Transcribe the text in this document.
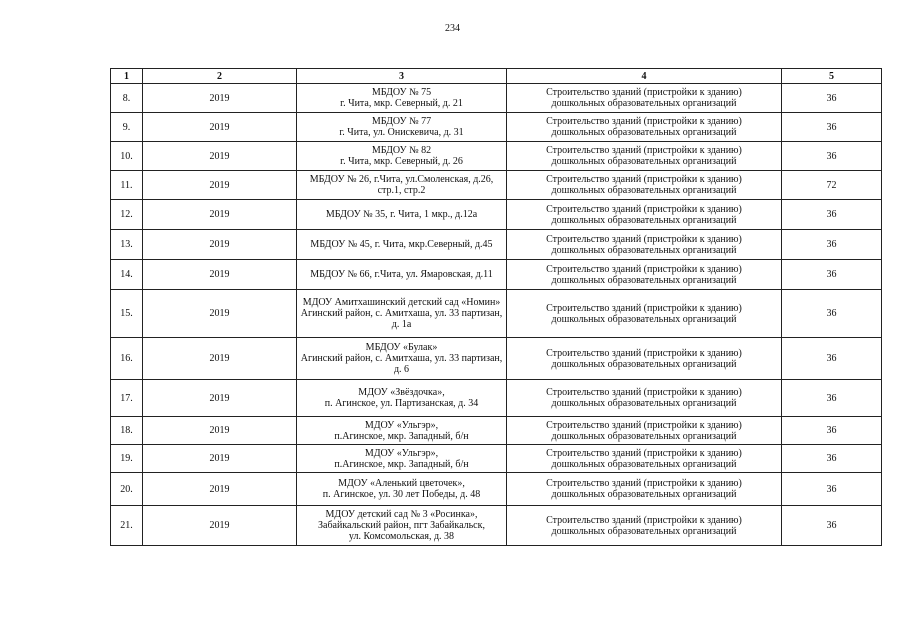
234
1	2	3	4	5

8.	2019	МБДОУ № 75
г. Чита, мкр. Северный, д. 21	Строительство зданий (пристройки к зданию)
дошкольных образовательных организаций	36

9.	2019	МБДОУ № 77
г. Чита, ул. Онискевича, д. 31	Строительство зданий (пристройки к зданию)
дошкольных образовательных организаций	36

10.	2019	МБДОУ № 82
г. Чита, мкр. Северный, д. 26	Строительство зданий (пристройки к зданию)
дошкольных образовательных организаций	36

11.	2019	МБДОУ № 26, г.Чита, ул.Смоленская, д.26,
стр.1, стр.2	Строительство зданий (пристройки к зданию)
дошкольных образовательных организаций	72

12.	2019	МБДОУ № 35, г. Чита, 1 мкр., д.12а	Строительство зданий (пристройки к зданию)
дошкольных образовательных организаций	36

13.	2019	МБДОУ № 45, г. Чита, мкр.Северный, д.45	Строительство зданий (пристройки к зданию)
дошкольных образовательных организаций	36

14.	2019	МБДОУ № 66, г.Чита, ул. Ямаровская, д.11	Строительство зданий (пристройки к зданию)
дошкольных образовательных организаций	36

15.	2019	МДОУ Амитхашинский детский сад «Номин»
Агинский район, с. Амитхаша, ул. 33 партизан,
д. 1а	Строительство зданий (пристройки к зданию)
дошкольных образовательных организаций	36

16.	2019	МБДОУ «Булак»
Агинский район, с. Амитхаша, ул. 33 партизан,
д. 6	Строительство зданий (пристройки к зданию)
дошкольных образовательных организаций	36

17.	2019	МДОУ «Звёздочка»,
п. Агинское, ул. Партизанская, д. 34	Строительство зданий (пристройки к зданию)
дошкольных образовательных организаций	36

18.	2019	МДОУ «Ульгэр»,
п.Агинское, мкр. Западный, б/н	Строительство зданий (пристройки к зданию)
дошкольных образовательных организаций	36

19.	2019	МДОУ «Ульгэр»,
п.Агинское, мкр. Западный, б/н	Строительство зданий (пристройки к зданию)
дошкольных образовательных организаций	36

20.	2019	МДОУ «Аленький цветочек»,
п. Агинское, ул. 30 лет Победы, д. 48	Строительство зданий (пристройки к зданию)
дошкольных образовательных организаций	36

21.	2019	МДОУ детский сад № 3 «Росинка»,
Забайкальский район, пгт Забайкальск,
ул. Комсомольская, д. 38	Строительство зданий (пристройки к зданию)
дошкольных образовательных организаций	36
